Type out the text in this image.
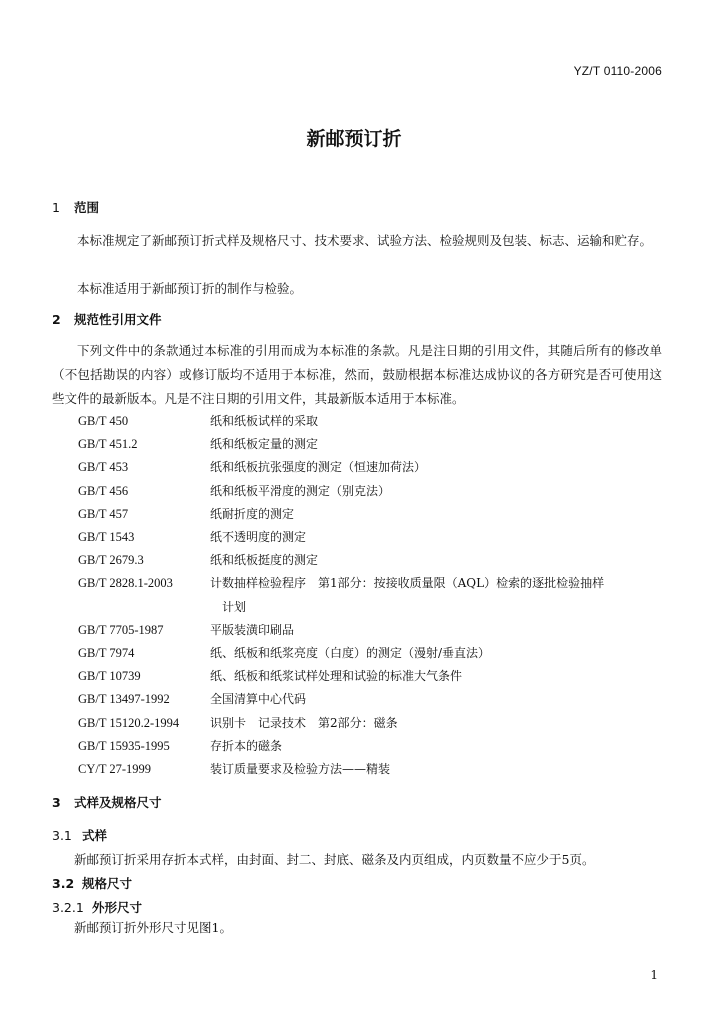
YZ/T 0110-2006
新邮预订折
1 范围
本标准规定了新邮预订折式样及规格尺寸、技术要求、试验方法、检验规则及包装、标志、运输和贮存。
本标准适用于新邮预订折的制作与检验。
2 规范性引用文件
下列文件中的条款通过本标准的引用而成为本标准的条款。凡是注日期的引用文件，其随后所有的修改单（不包括勘误的内容）或修订版均不适用于本标准，然而，鼓励根据本标准达成协议的各方研究是否可使用这些文件的最新版本。凡是不注日期的引用文件，其最新版本适用于本标准。
GB/T 450	纸和纸板试样的采取
GB/T 451.2	纸和纸板定量的测定
GB/T 453	纸和纸板抗张强度的测定（恒速加荷法）
GB/T 456	纸和纸板平滑度的测定（别克法）
GB/T 457	纸耐折度的测定
GB/T 1543	纸不透明度的测定
GB/T 2679.3	纸和纸板挺度的测定
GB/T 2828.1-2003	计数抽样检验程序　第1部分：按接收质量限（AQL）检索的逐批检验抽样
计划
GB/T 7705-1987	平版装潢印刷品
GB/T 7974	纸、纸板和纸浆亮度（白度）的测定（漫射/垂直法）
GB/T 10739	纸、纸板和纸浆试样处理和试验的标准大气条件
GB/T 13497-1992	全国清算中心代码
GB/T 15120.2-1994	识别卡　记录技术　第2部分：磁条
GB/T 15935-1995	存折本的磁条
CY/T 27-1999	装订质量要求及检验方法——精装
3 式样及规格尺寸
3.1 式样
新邮预订折采用存折本式样，由封面、封二、封底、磁条及内页组成，内页数量不应少于5页。
3.2 规格尺寸
3.2.1 外形尺寸
新邮预订折外形尺寸见图1。
1
